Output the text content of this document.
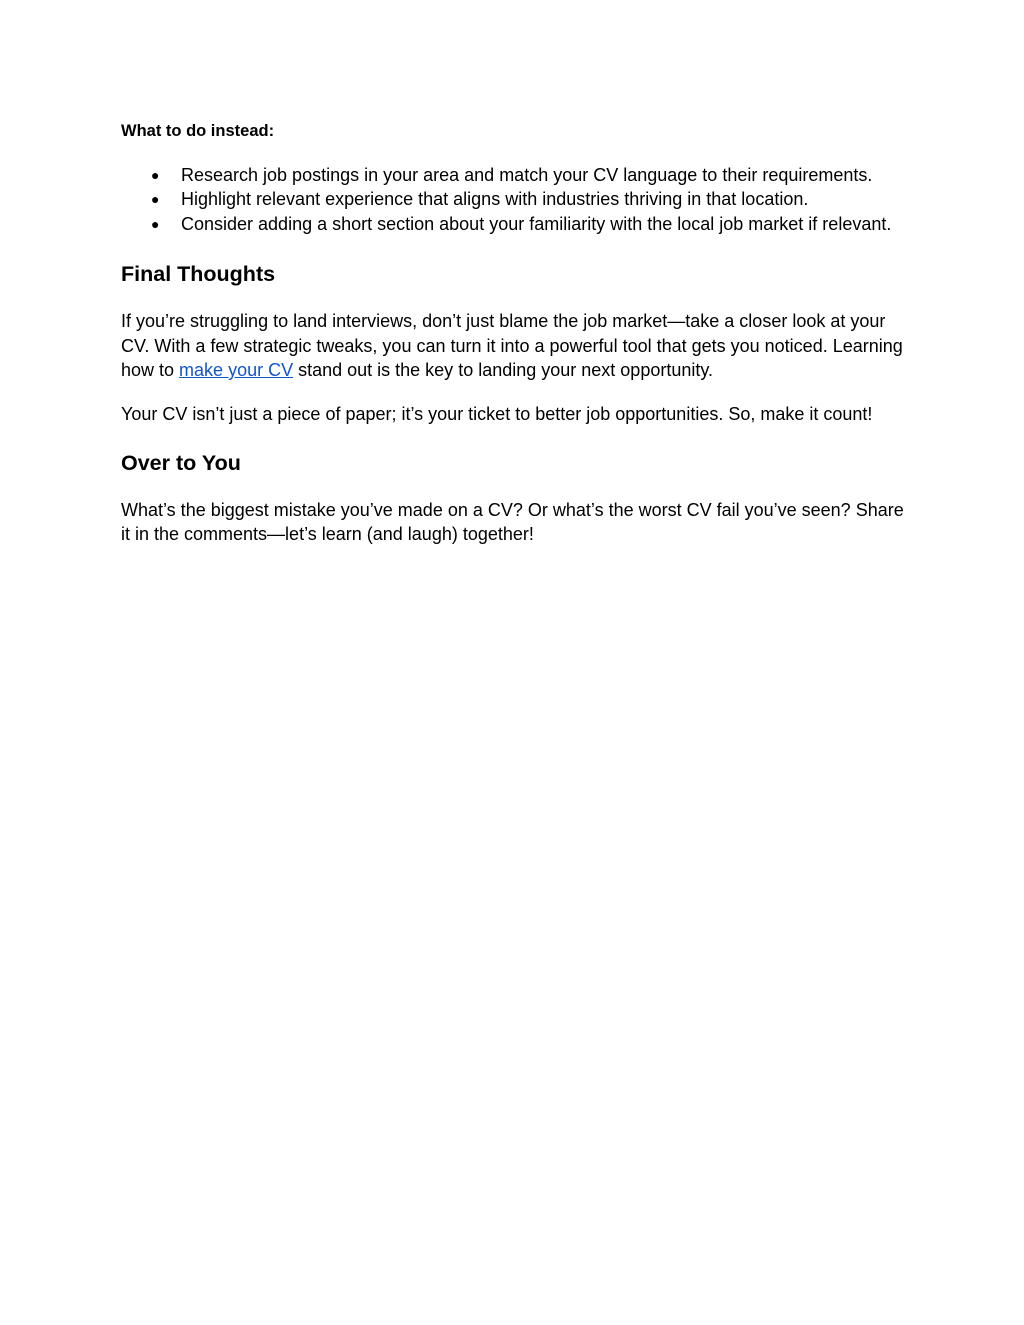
What to do instead:

● Research job postings in your area and match your CV language to their requirements.
● Highlight relevant experience that aligns with industries thriving in that location.
● Consider adding a short section about your familiarity with the local job market if relevant.
Final Thoughts

If you’re struggling to land interviews, don’t just blame the job market—take a closer look at your CV. With a few strategic tweaks, you can turn it into a powerful tool that gets you noticed. Learning how to make your CV stand out is the key to landing your next opportunity.

Your CV isn’t just a piece of paper; it’s your ticket to better job opportunities. So, make it count!

Over to You

What’s the biggest mistake you’ve made on a CV? Or what’s the worst CV fail you’ve seen? Share it in the comments—let’s learn (and laugh) together!
